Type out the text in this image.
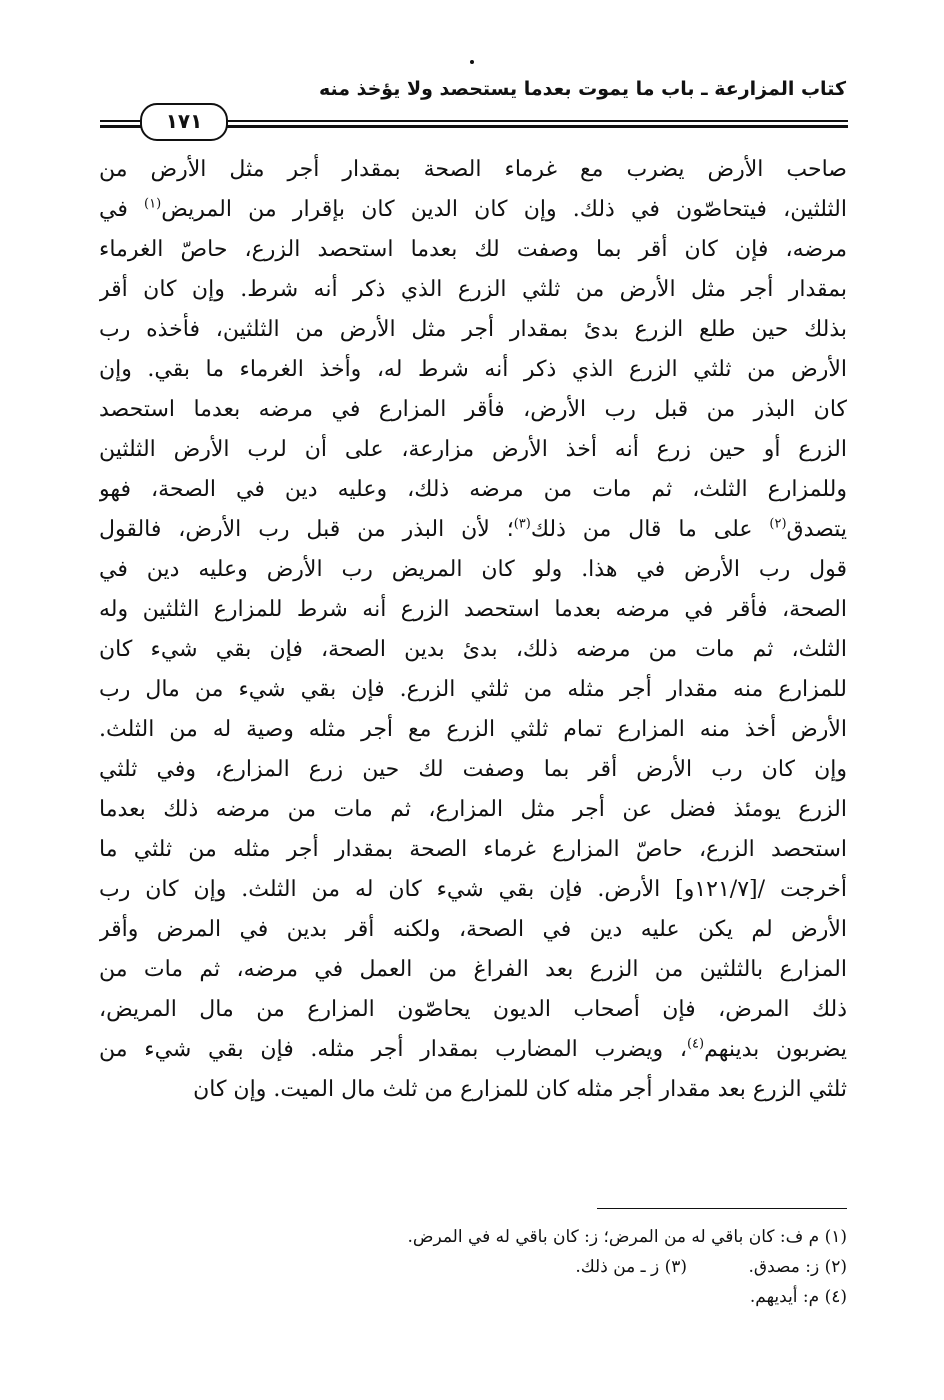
كتاب المزارعة ـ باب ما يموت بعدما يستحصد ولا يؤخذ منه
١٧١
صاحب الأرض يضرب مع غرماء الصحة بمقدار أجر مثل الأرض من
الثلثين، فيتحاصّون في ذلك. وإن كان الدين كان بإقرار من المريض$^{(١)}$ في
مرضه، فإن كان أقر بما وصفت لك بعدما استحصد الزرع، حاصّ الغرماء
بمقدار أجر مثل الأرض من ثلثي الزرع الذي ذكر أنه شرط. وإن كان أقر
بذلك حين طلع الزرع بدئ بمقدار أجر مثل الأرض من الثلثين، فأخذه رب
الأرض من ثلثي الزرع الذي ذكر أنه شرط له، وأخذ الغرماء ما بقي. وإن
كان البذر من قبل رب الأرض، فأقر المزارع في مرضه بعدما استحصد
الزرع أو حين زرع أنه أخذ الأرض مزارعة، على أن لرب الأرض الثلثين
وللمزارع الثلث، ثم مات من مرضه ذلك، وعليه دين في الصحة، فهو
يتصدق$^{(٢)}$ على ما قال من ذلك$^{(٣)}$؛ لأن البذر من قبل رب الأرض، فالقول
قول رب الأرض في هذا. ولو كان المريض رب الأرض وعليه دين في
الصحة، فأقر في مرضه بعدما استحصد الزرع أنه شرط للمزارع الثلثين وله
الثلث، ثم مات من مرضه ذلك، بدئ بدين الصحة، فإن بقي شيء كان
للمزارع منه مقدار أجر مثله من ثلثي الزرع. فإن بقي شيء من مال رب
الأرض أخذ منه المزارع تمام ثلثي الزرع مع أجر مثله وصية له من الثلث.
وإن كان رب الأرض أقر بما وصفت لك حين زرع المزارع، وفي ثلثي
الزرع يومئذ فضل عن أجر مثل المزارع، ثم مات من مرضه ذلك بعدما
استحصد الزرع، حاصّ المزارع غرماء الصحة بمقدار أجر مثله من ثلثي ما
أخرجت /[١٢١/٧و] الأرض. فإن بقي شيء كان له من الثلث. وإن كان رب
الأرض لم يكن عليه دين في الصحة، ولكنه أقر بدين في المرض وأقر
المزارع بالثلثين من الزرع بعد الفراغ من العمل في مرضه، ثم مات من
ذلك المرض، فإن أصحاب الديون يحاصّون المزارع من مال المريض،
يضربون بدينهم$^{(٤)}$، ويضرب المضارب بمقدار أجر مثله. فإن بقي شيء من
ثلثي الزرع بعد مقدار أجر مثله كان للمزارع من ثلث مال الميت. وإن كان
(١) م ف: كان باقي له من المرض؛ ز: كان باقي له في المرض.
(٢) ز: مصدق. (٣) ز ـ من ذلك.
(٤) م: أيديهم.
